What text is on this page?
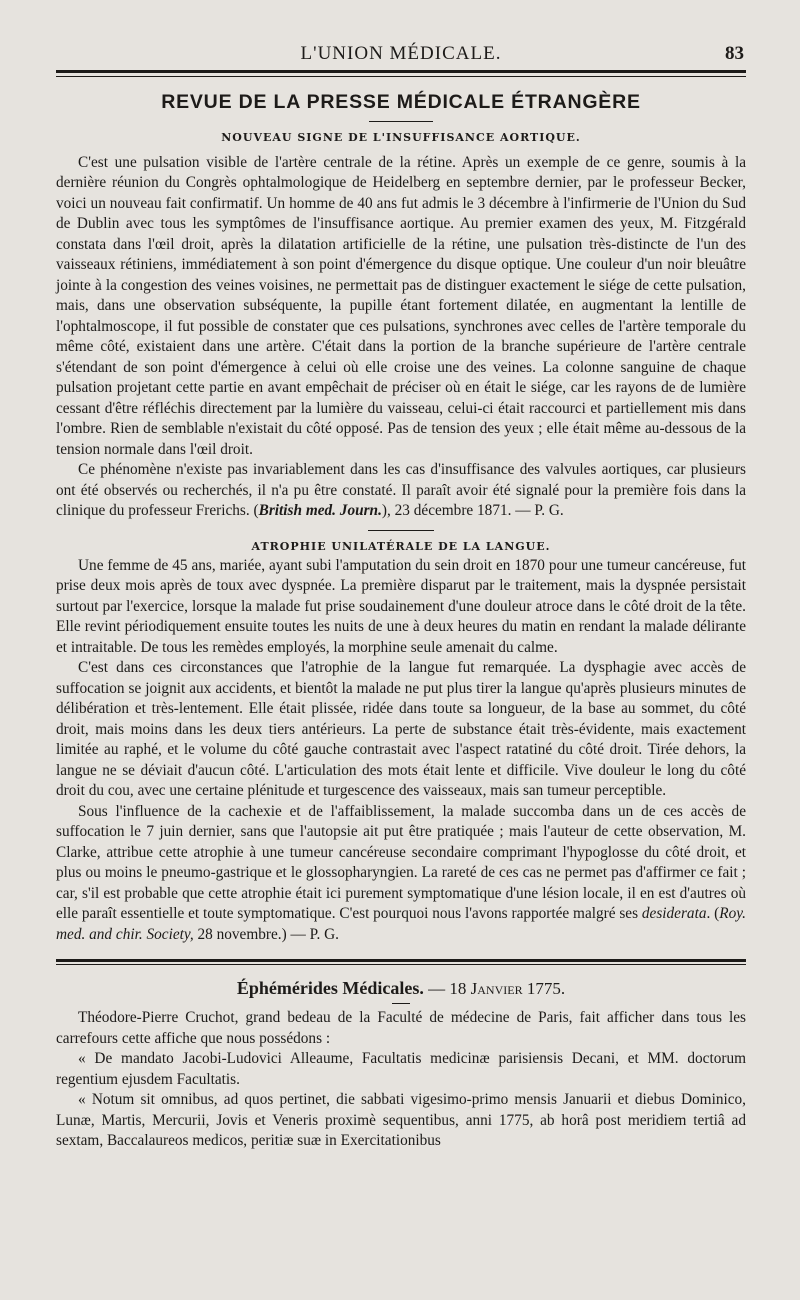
L'UNION MÉDICALE.	83
REVUE DE LA PRESSE MÉDICALE ÉTRANGÈRE
NOUVEAU SIGNE DE L'INSUFFISANCE AORTIQUE.

C'est une pulsation visible de l'artère centrale de la rétine. Après un exemple de ce genre, soumis à la dernière réunion du Congrès ophtalmologique de Heidelberg en septembre dernier, par le professeur Becker, voici un nouveau fait confirmatif. Un homme de 40 ans fut admis le 3 décembre à l'infirmerie de l'Union du Sud de Dublin avec tous les symptômes de l'insuffisance aortique. Au premier examen des yeux, M. Fitzgérald constata dans l'œil droit, après la dilatation artificielle de la rétine, une pulsation très-distincte de l'un des vaisseaux rétiniens, immédiatement à son point d'émergence du disque optique. Une couleur d'un noir bleuâtre jointe à la congestion des veines voisines, ne permettait pas de distinguer exactement le siége de cette pulsation, mais, dans une observation subséquente, la pupille étant fortement dilatée, en augmentant la lentille de l'ophtalmoscope, il fut possible de constater que ces pulsations, synchrones avec celles de l'artère temporale du même côté, existaient dans une artère. C'était dans la portion de la branche supérieure de l'artère centrale s'étendant de son point d'émergence à celui où elle croise une des veines. La colonne sanguine de chaque pulsation projetant cette partie en avant empêchait de préciser où en était le siége, car les rayons de de lumière cessant d'être réfléchis directement par la lumière du vaisseau, celui-ci était raccourci et partiellement mis dans l'ombre. Rien de semblable n'existait du côté opposé. Pas de tension des yeux ; elle était même au-dessous de la tension normale dans l'œil droit.

Ce phénomène n'existe pas invariablement dans les cas d'insuffisance des valvules aortiques, car plusieurs ont été observés ou recherchés, il n'a pu être constaté. Il paraît avoir été signalé pour la première fois dans la clinique du professeur Frerichs. (British med. Journ.), 23 décembre 1871. — P. G.

ATROPHIE UNILATÉRALE DE LA LANGUE.

Une femme de 45 ans, mariée, ayant subi l'amputation du sein droit en 1870 pour une tumeur cancéreuse, fut prise deux mois après de toux avec dyspnée. La première disparut par le traitement, mais la dyspnée persistait surtout par l'exercice, lorsque la malade fut prise soudainement d'une douleur atroce dans le côté droit de la tête. Elle revint périodiquement ensuite toutes les nuits de une à deux heures du matin en rendant la malade délirante et intraitable. De tous les remèdes employés, la morphine seule amenait du calme.

C'est dans ces circonstances que l'atrophie de la langue fut remarquée. La dysphagie avec accès de suffocation se joignit aux accidents, et bientôt la malade ne put plus tirer la langue qu'après plusieurs minutes de délibération et très-lentement. Elle était plissée, ridée dans toute sa longueur, de la base au sommet, du côté droit, mais moins dans les deux tiers antérieurs. La perte de substance était très-évidente, mais exactement limitée au raphé, et le volume du côté gauche contrastait avec l'aspect ratatiné du côté droit. Tirée dehors, la langue ne se déviait d'aucun côté. L'articulation des mots était lente et difficile. Vive douleur le long du côté droit du cou, avec une certaine plénitude et turgescence des vaisseaux, mais san tumeur perceptible.

Sous l'influence de la cachexie et de l'affaiblissement, la malade succomba dans un de ces accès de suffocation le 7 juin dernier, sans que l'autopsie ait put être pratiquée ; mais l'auteur de cette observation, M. Clarke, attribue cette atrophie à une tumeur cancéreuse secondaire comprimant l'hypoglosse du côté droit, et plus ou moins le pneumo-gastrique et le glossopharyngien. La rareté de ces cas ne permet pas d'affirmer ce fait ; car, s'il est probable que cette atrophie était ici purement symptomatique d'une lésion locale, il en est d'autres où elle paraît essentielle et toute symptomatique. C'est pourquoi nous l'avons rapportée malgré ses desiderata. (Roy. med. and chir. Society, 28 novembre.) — P. G.

Éphémérides Médicales. — 18 Janvier 1775.

Théodore-Pierre Cruchot, grand bedeau de la Faculté de médecine de Paris, fait afficher dans tous les carrefours cette affiche que nous possédons :

« De mandato Jacobi-Ludovici Alleaume, Facultatis medicinæ parisiensis Decani, et MM. doctorum regentium ejusdem Facultatis.

« Notum sit omnibus, ad quos pertinet, die sabbati vigesimo-primo mensis Januarii et diebus Dominico, Lunæ, Martis, Mercurii, Jovis et Veneris proximè sequentibus, anni 1775, ab horâ post meridiem tertiâ ad sextam, Baccalaureos medicos, peritiæ suæ in Exercitationibus
